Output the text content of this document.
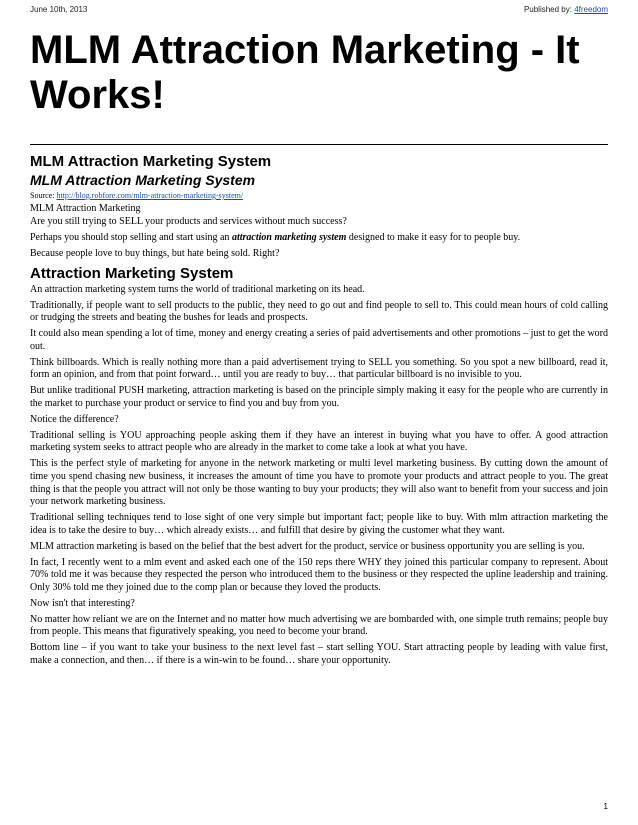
June 10th, 2013	Published by: 4freedom
MLM Attraction Marketing - It Works!
MLM Attraction Marketing System
MLM Attraction Marketing System
Source: http://blog.robfore.com/mlm-attraction-marketing-system/

MLM Attraction Marketing

Are you still trying to SELL your products and services without much success?

Perhaps you should stop selling and start using an attraction marketing system designed to make it easy for to people buy.

Because people love to buy things, but hate being sold. Right?

Attraction Marketing System

An attraction marketing system turns the world of traditional marketing on its head.

Traditionally, if people want to sell products to the public, they need to go out and find people to sell to. This could mean hours of cold calling or trudging the streets and beating the bushes for leads and prospects.

It could also mean spending a lot of time, money and energy creating a series of paid advertisements and other promotions – just to get the word out.

Think billboards. Which is really nothing more than a paid advertisement trying to SELL you something. So you spot a new billboard, read it, form an opinion, and from that point forward… until you are ready to buy… that particular billboard is no invisible to you.

But unlike traditional PUSH marketing, attraction marketing is based on the principle simply making it easy for the people who are currently in the market to purchase your product or service to find you and buy from you.

Notice the difference?

Traditional selling is YOU approaching people asking them if they have an interest in buying what you have to offer. A good attraction marketing system seeks to attract people who are already in the market to come take a look at what you have.

This is the perfect style of marketing for anyone in the network marketing or multi level marketing business. By cutting down the amount of time you spend chasing new business, it increases the amount of time you have to promote your products and attract people to you. The great thing is that the people you attract will not only be those wanting to buy your products; they will also want to benefit from your success and join your network marketing business.

Traditional selling techniques tend to lose sight of one very simple but important fact; people like to buy. With mlm attraction marketing the idea is to take the desire to buy… which already exists… and fulfill that desire by giving the customer what they want.

MLM attraction marketing is based on the belief that the best advert for the product, service or business opportunity you are selling is you.

In fact, I recently went to a mlm event and asked each one of the 150 reps there WHY they joined this particular company to represent. About 70% told me it was because they respected the person who introduced them to the business or they respected the upline leadership and training. Only 30% told me they joined due to the comp plan or because they loved the products.

Now isn't that interesting?

No matter how reliant we are on the Internet and no matter how much advertising we are bombarded with, one simple truth remains; people buy from people. This means that figuratively speaking, you need to become your brand.

Bottom line – if you want to take your business to the next level fast – start selling YOU. Start attracting people by leading with value first, make a connection, and then… if there is a win-win to be found… share your opportunity.

1
